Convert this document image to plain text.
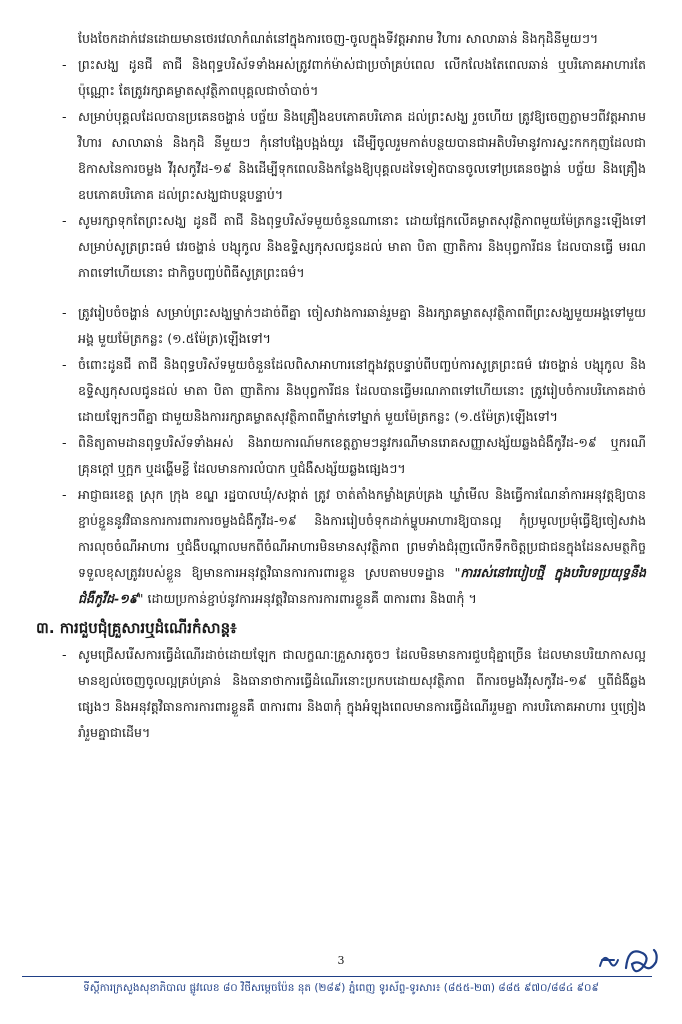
បែងចែកដាក់វេនដោយមានថេរវេលាកំណត់នៅក្នុងការចេញ-ចូលក្នុងទីវត្តអារាម វិហារ សាលាឆាន់ និងកុដិនីមួយៗ។

- ព្រះសង្ឃ ដូនជី តាជី និងពុទ្ធបរិស័ទទាំងអស់ត្រូវពាក់ម៉ាស់ជាប្រចាំគ្រប់ពេល លើកលែងតែពេលឆាន់ ឬបរិភោគអាហារតែប៉ុណ្ណោះ តែត្រូវរក្សាគម្លាតសុវត្ថិភាពបុគ្គលជាចាំបាច់។
- សម្រាប់បុគ្គលដែលបានប្រគេនចង្ហាន់ បច្ច័យ និងគ្រឿងឧបភោគបរិភោគ ដល់ព្រះសង្ឃ រួចហើយ ត្រូវឱ្យចេញភ្លាមៗពីវត្តអារាម វិហារ សាលាឆាន់ និងកុដិ នីមួយៗ កុំនៅបង្អែបង្អង់យូរ ដើម្បីចូលរួមកាត់បន្ថយបានជាអតិបរិមានូវការស្ទះកកកុញដែលជាឱកាសនៃការចម្លង វីរុសកូវីដ-១៩ និងដើម្បីទុកពេលនិងកន្លែងឱ្យបុគ្គលដទៃទៀតបានចូលទៅប្រគេនចង្ហាន់ បច្ច័យ និងគ្រឿងឧបភោគបរិភោគ ដល់ព្រះសង្ឃជាបន្តបន្ទាប់។
- សូមរក្សាទុកតែព្រះសង្ឃ ដូនជី តាជី និងពុទ្ធបរិស័ទមួយចំនួនណានោះ ដោយផ្អែកលើគម្លាតសុវត្ថិភាពមួយម៉ែត្រកន្លះឡើងទៅ សម្រាប់សូត្រព្រះធម៌ វេរចង្ហាន់ បង្សុកូល និងឧទ្ទិស្សកុសលជូនដល់ មាតា បិតា ញាតិការ និងបុព្វការីជន ដែលបានធ្វើ មរណភាពទៅហើយនោះ ជាកិច្ចបញ្ចប់ពិធីសូត្រព្រះធម៌។
- ត្រូវរៀបចំចង្ហាន់ សម្រាប់ព្រះសង្ឃម្នាក់ៗដាច់ពីគ្នា ចៀសវាងការឆាន់រួមគ្នា និងរក្សាគម្លាតសុវត្ថិភាពពីព្រះសង្ឃមួយអង្គទៅមួយអង្គ មួយម៉ែត្រកន្លះ (១.៥ម៉ែត្រ)ឡើងទៅ។
- ចំពោះដូនជី តាជី និងពុទ្ធបរិស័ទមួយចំនួនដែលពិសាអាហារនៅក្នុងវត្តបន្ទាប់ពីបញ្ចប់ការសូត្រព្រះធម៌ វេរចង្ហាន់ បង្សុកូល និងឧទ្ទិស្សកុសលជូនដល់ មាតា បិតា ញាតិការ និងបុព្វការីជន ដែលបានធ្វើមរណភាពទៅហើយនោះ ត្រូវរៀបចំការបរិភោគដាច់ដោយឡែកៗពីគ្នា ជាមួយនិងការរក្សាគម្លាតសុវត្ថិភាពពីម្នាក់ទៅម្នាក់ មួយម៉ែត្រកន្លះ (១.៥ម៉ែត្រ)ឡើងទៅ។
- ពិនិត្យតាមដានពុទ្ធបរិស័ទទាំងអស់ និងរាយការណ៍មកខេត្តភ្លាមៗនូវករណីមានរោគសញ្ញាសង្ស័យឆ្លងជំងឺកូវីដ-១៩ ឬករណីគ្រុនក្ដៅ ឬក្អក ឬដង្ហើមខ្លី ដែលមានការលំបាក ឬជំងឺសង្ស័យឆ្លងផ្សេងៗ។
- អាជ្ញាធរខេត្ត ស្រុក ក្រុង ខណ្ឌ រដ្ឋបាលឃុំ/សង្កាត់ ត្រូវ ចាត់តាំងកម្លាំងគ្រប់គ្រង ឃ្លាំមើល និងធ្វើការណែនាំការអនុវត្តឱ្យបានខ្ជាប់ខ្ជួននូវវិធានការការពារការចម្លងជំងឺកូវីដ-១៩ និងការរៀបចំទុកដាក់ម្ហូបអាហារឱ្យបានល្អ កុំប្រមូលប្រមុំធ្វើឱ្យចៀសវាងការលុចចំណីអាហារ ឬជំងឺបណ្ដាលមកពីចំណីអាហារមិនមានសុវត្ថិភាព ព្រមទាំងជំរុញលើកទឹកចិត្តប្រជាជនក្នុងដែនសមត្ថកិច្ចទទួលខុសត្រូវរបស់ខ្លួន ឱ្យមានការអនុវត្តវិធានការការពារខ្លួន ស្របតាមបទដ្ឋាន "ការរស់នៅរបៀបថ្មី ក្នុងបរិបទប្រយុទ្ធនឹងជំងឺកូវីដ-១៩" ដោយប្រកាន់ខ្ជាប់នូវការអនុវត្តវិធានការការពារខ្លួនគឺ ៣ការពារ និង៣កុំ ។
៣. ការជួបជុំគ្រួសារឬដំណើរកំសាន្ត៖
- សូមជ្រើសរើសការធ្វើដំណើរដាច់ដោយឡែក ជាលក្ខណៈគ្រួសារតូចៗ ដែលមិនមានការជួបជុំគ្នាច្រើន ដែលមានបរិយាកាសល្អ មានខ្យល់ចេញចូលល្អគ្រប់គ្រាន់ និងធានាថាការធ្វើដំណើរនោះប្រកបដោយសុវត្ថិភាព ពីការចម្លងវីរុសកូវីដ-១៩ ឬពីជំងឺឆ្លងផ្សេងៗ និងអនុវត្តវិធានការការពារខ្លួនគឺ ៣ការពារ និង៣កុំ ក្នុងអំឡុងពេលមានការធ្វើដំណើររួមគ្នា ការបរិភោគអាហារ ឬច្រៀងរាំរួមគ្នាជាដើម។
3
ទីស្ដីការក្រសួងសុខាភិបាល ផ្លូវលេខ ៨០ វិថីសម្ដេចប៉ែន នុត (២៨៩) ភ្នំពេញ ទូរស័ព្ទ-ទូរសារ៖ (៨៥៥-២៣) ៨៨៥ ៩៧០/៨៨៤ ៩០៩
